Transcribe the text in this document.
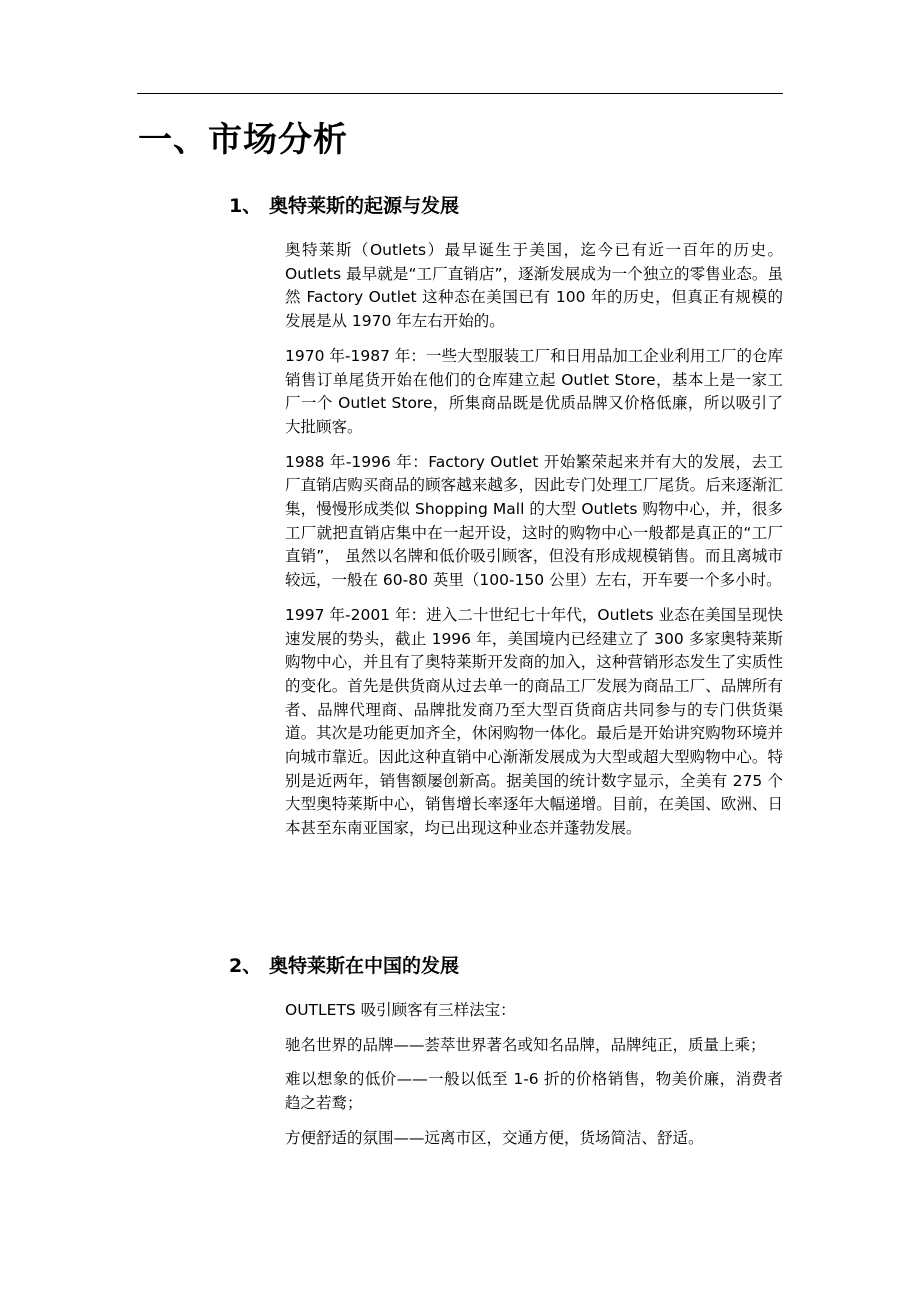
一、市场分析
1、 奥特莱斯的起源与发展

奥特莱斯（Outlets）最早诞生于美国，迄今已有近一百年的历史。Outlets 最早就是“工厂直销店”，逐渐发展成为一个独立的零售业态。虽然 Factory Outlet 这种态在美国已有 100 年的历史，但真正有规模的发展是从 1970 年左右开始的。

1970 年-1987 年：一些大型服装工厂和日用品加工企业利用工厂的仓库销售订单尾货开始在他们的仓库建立起 Outlet Store，基本上是一家工厂一个 Outlet Store，所集商品既是优质品牌又价格低廉，所以吸引了大批顾客。

1988 年-1996 年：Factory Outlet 开始繁荣起来并有大的发展，去工厂直销店购买商品的顾客越来越多，因此专门处理工厂尾货。后来逐渐汇集，慢慢形成类似 Shopping Mall 的大型 Outlets 购物中心，并，很多工厂就把直销店集中在一起开设，这时的购物中心一般都是真正的“工厂直销”， 虽然以名牌和低价吸引顾客，但没有形成规模销售。而且离城市较远，一般在 60-80 英里（100-150 公里）左右，开车要一个多小时。

1997 年-2001 年：进入二十世纪七十年代，Outlets 业态在美国呈现快速发展的势头，截止 1996 年，美国境内已经建立了 300 多家奥特莱斯购物中心，并且有了奥特莱斯开发商的加入，这种营销形态发生了实质性的变化。首先是供货商从过去单一的商品工厂发展为商品工厂、品牌所有者、品牌代理商、品牌批发商乃至大型百货商店共同参与的专门供货渠道。其次是功能更加齐全，休闲购物一体化。最后是开始讲究购物环境并向城市靠近。因此这种直销中心渐渐发展成为大型或超大型购物中心。特别是近两年，销售额屡创新高。据美国的统计数字显示，全美有 275 个大型奥特莱斯中心，销售增长率逐年大幅递增。目前，在美国、欧洲、日本甚至东南亚国家，均已出现这种业态并蓬勃发展。

2、 奥特莱斯在中国的发展

OUTLETS 吸引顾客有三样法宝：

驰名世界的品牌——荟萃世界著名或知名品牌，品牌纯正，质量上乘；

难以想象的低价——一般以低至 1-6 折的价格销售，物美价廉，消费者趋之若鹜；

方便舒适的氛围——远离市区，交通方便，货场简洁、舒适。
